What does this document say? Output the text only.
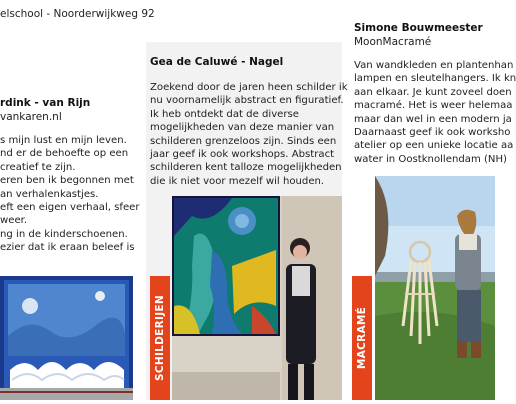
elschool - Noorderwijkweg 92
rdink - van Rijn
vankaren.nl

s mijn lust en mijn leven.

nd er de behoefte op een

creatief te zijn.

eren ben ik begonnen met

an verhalenkastjes.

eft een eigen verhaal, sfeer

weer.

ng in de kinderschoenen.

ezier dat ik eraan beleef is

Gea de Caluwé - Nagel

Zoekend door de jaren heen schilder ik

nu voornamelijk abstract en figuratief.

Ik heb ontdekt dat de diverse

mogelijkheden van deze manier van

schilderen grenzeloos zijn. Sinds een

jaar geef ik ook workshops. Abstract

schilderen kent talloze mogelijkheden

die ik niet voor mezelf wil houden.

SCHILDERIJEN
Simone Bouwmeester
MoonMacramé

Van wandkleden en plantenhan

lampen en sleutelhangers. Ik kn

aan elkaar. Je kunt zoveel doen

macramé. Het is weer helemaa

maar dan wel in een modern ja

Daarnaast geef ik ook worksho

atelier op een unieke locatie aa

water in Oostknollendam (NH)

MACRAMÉ
